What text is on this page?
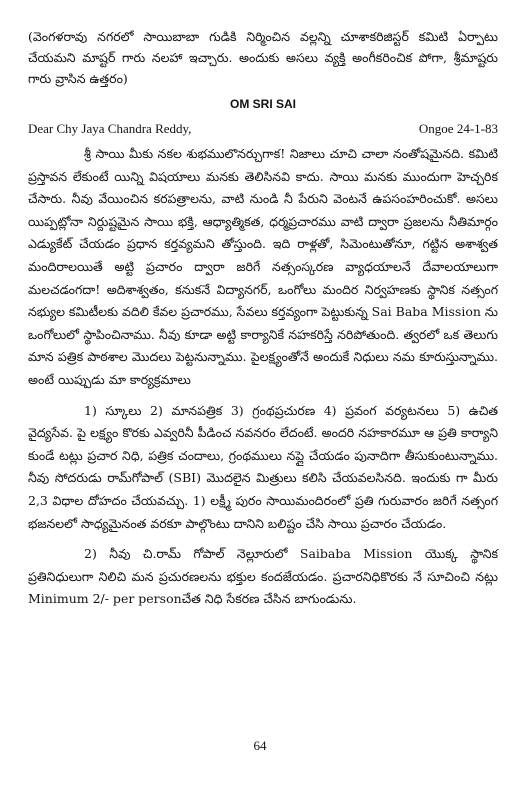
(వెంగళరావు నగరలో సాయిబాబా గుడికి నిర్మించిన వల్లన్ని చూశాకరిజిస్టర్ కమిటి ఏర్పాటు చేయమని మాష్టర్ గారు నలహా ఇచ్చారు. అందుకు అసలు వ్యక్తి అంగీకరించిక పోగా, శ్రీమాష్టరు గారు వ్రాసిన ఉత్తరం)

OM SRI SAI
Dear Chy Jaya Chandra Reddy,	Ongoe 24-1-83

శ్రీ సాయి మీకు నకల శుభములొనర్చుగాక! నిజాలు చూచి చాలా నంతోషమైనది. కమిటి ప్రస్తావన లేకుంటే యిన్ని విషయాలు మనకు తెలిసినవి కాదు. సాయి మనకు ముందుగా హెచ్చరిక చేసారు. నీవు వేయించిన కరపత్రాలను, వాటి నుండి నీ పేరుని వెంటనే ఉపసంహరించుకో. అసలు యిప్పట్లోనా నిర్దుష్టమైన సాయి భక్తి, ఆధ్యాత్మికత, ధర్మప్రచారము వాటి ద్వారా ప్రజలను నీతిమార్గం ఎడ్యుకేట్ చేయడం ప్రధాన కర్తవ్యమని తోస్తుంది. ఇది రాళ్లతో, సిమెంటుతోనూ, గట్టిన అశాశ్వత మందిరాలయితే అట్టి ప్రచారం ద్వారా జరిగే నత్సంస్కరణ వ్యాధయాలనే దేవాలయాలుగా మలచడంగదా! అదిశాశ్వతం, కనుకనే విద్యానగర్, ఒంగోలు మందిర నిర్వహణకు స్థానిక నత్సంగ నభ్యుల కమిటీలకు వదిలి కేవల ప్రచారము, సేవలు కర్తవ్యంగా పెట్టుకున్న Sai Baba Mission ను ఒంగోలులో స్థాపించినాము. నీవు కూడా అట్టి కార్యానికే నహకరిస్తే నరిపోతుంది. త్వరలో ఒక తెలుగు మాన పత్రిక పాఠశాల మొదలు పెట్టనున్నాము. పైలక్ష్యంతోనే అందుకే నిధులు నమ కూరుస్తున్నాము. అంటే యిప్పుడు మా కార్యక్రమాలు

1) స్కూలు 2) మానపత్రిక 3) గ్రంథప్రచురణ 4) ప్రవంగ వర్యటనలు 5) ఉచిత వైద్యసేవ. పై లక్ష్యం కొరకు ఎవ్వరినీ పీడించ నవనరం లేదంటే. అందరి నహకారమూ ఆ ప్రతి కార్యాని కుండే టట్లు ప్రచార నిధి, పత్రిక చందాలు, గ్రంథములు నప్లై చేయడం పునాదిగా తీసుకుంటున్నాము. నీవు సోదరుడు రామ్‌గోపాల్ (SBI) మొదలైన మిత్రులు కలిసి చేయవలసినది. ఇందుకు గా మీరు 2,3 విధాల దోహదం చేయవచ్చు. 1) లక్ష్మీ పురం సాయిమందిరంలో ప్రతి గురువారం జరిగే నత్సంగ భజనలలో సాధ్యమైనంత వరకూ పాల్గొంటు దానిని బలిష్టం చేసి సాయి ప్రచారం చేయడం.

2) నీవు చి.రామ్ గోపాల్ నెల్లూరులో Saibaba Mission యొక్క స్థానిక ప్రతినిధులుగా నిలిచి మన ప్రచురణలను భక్తుల కందజేయడం. ప్రచారనిధికొరకు నే సూచించి నట్లు Minimum 2/- per personచేత నిధి సేకరణ చేసిన బాగుండును.

64
